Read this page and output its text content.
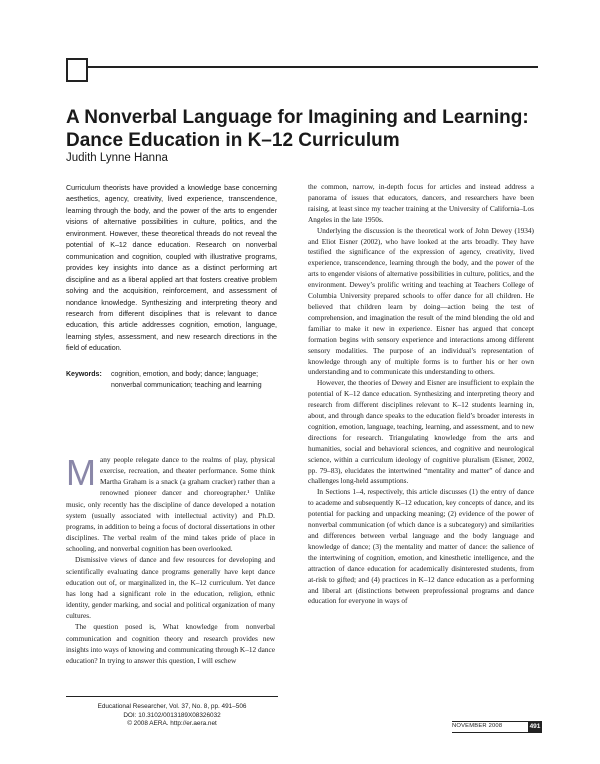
A Nonverbal Language for Imagining and Learning:
Dance Education in K–12 Curriculum
Judith Lynne Hanna

Curriculum theorists have provided a knowledge base concerning aesthetics, agency, creativity, lived experience, transcendence, learning through the body, and the power of the arts to engender visions of alternative possibilities in culture, politics, and the environment. However, these theoretical threads do not reveal the potential of K–12 dance education. Research on nonverbal communication and cognition, coupled with illustrative programs, provides key insights into dance as a distinct performing art discipline and as a liberal applied art that fosters creative problem solving and the acquisition, reinforcement, and assessment of nondance knowledge. Synthesizing and interpreting theory and research from different disciplines that is relevant to dance education, this article addresses cognition, emotion, language, learning styles, assessment, and new research directions in the field of education.

Keywords: cognition, emotion, and body; dance; language;
nonverbal communication; teaching and learning

Many people relegate dance to the realms of play, physical exercise, recreation, and theater performance. Some think Martha Graham is a snack (a graham cracker) rather than a renowned pioneer dancer and choreographer.¹ Unlike music, only recently has the discipline of dance developed a notation system (usually associated with intellectual activity) and Ph.D. programs, in addition to being a focus of doctoral dissertations in other disciplines. The verbal realm of the mind takes pride of place in schooling, and nonverbal cognition has been overlooked.

Dismissive views of dance and few resources for developing and scientifically evaluating dance programs generally have kept dance education out of, or marginalized in, the K–12 curriculum. Yet dance has long had a significant role in the education, religion, ethnic identity, gender marking, and social and political organization of many cultures.

The question posed is, What knowledge from nonverbal communication and cognition theory and research provides new insights into ways of knowing and communicating through K–12 dance education? In trying to answer this question, I will eschew

the common, narrow, in-depth focus for articles and instead address a panorama of issues that educators, dancers, and researchers have been raising, at least since my teacher training at the University of California–Los Angeles in the late 1950s.

Underlying the discussion is the theoretical work of John Dewey (1934) and Eliot Eisner (2002), who have looked at the arts broadly. They have testified the significance of the expression of agency, creativity, lived experience, transcendence, learning through the body, and the power of the arts to engender visions of alternative possibilities in culture, politics, and the environment. Dewey’s prolific writing and teaching at Teachers College of Columbia University prepared schools to offer dance for all children. He believed that children learn by doing—action being the test of comprehension, and imagination the result of the mind blending the old and familiar to make it new in experience. Eisner has argued that concept formation begins with sensory experience and interactions among different sensory modalities. The purpose of an individual’s representation of knowledge through any of multiple forms is to further his or her own understanding and to communicate this understanding to others.

However, the theories of Dewey and Eisner are insufficient to explain the potential of K–12 dance education. Synthesizing and interpreting theory and research from different disciplines relevant to K–12 students learning in, about, and through dance speaks to the education field’s broader interests in cognition, emotion, language, teaching, learning, and assessment, and to new directions for research. Triangulating knowledge from the arts and humanities, social and behavioral sciences, and cognitive and neurological science, within a curriculum ideology of cognitive pluralism (Eisner, 2002, pp. 79–83), elucidates the intertwined “mentality and matter” of dance and challenges long-held assumptions.

In Sections 1–4, respectively, this article discusses (1) the entry of dance to academe and subsequently K–12 education, key concepts of dance, and its potential for packing and unpacking meaning; (2) evidence of the power of nonverbal communication (of which dance is a subcategory) and similarities and differences between verbal language and the body language and knowledge of dance; (3) the mentality and matter of dance: the salience of the intertwining of cognition, emotion, and kinesthetic intelligence, and the attraction of dance education for academically disinterested students, from at-risk to gifted; and (4) practices in K–12 dance education as a performing and liberal art (distinctions between preprofessional programs and dance education for everyone in ways of

Educational Researcher, Vol. 37, No. 8, pp. 491–506
DOI: 10.3102/0013189X08326032
© 2008 AERA. http://er.aera.net	NOVEMBER 2008	491
